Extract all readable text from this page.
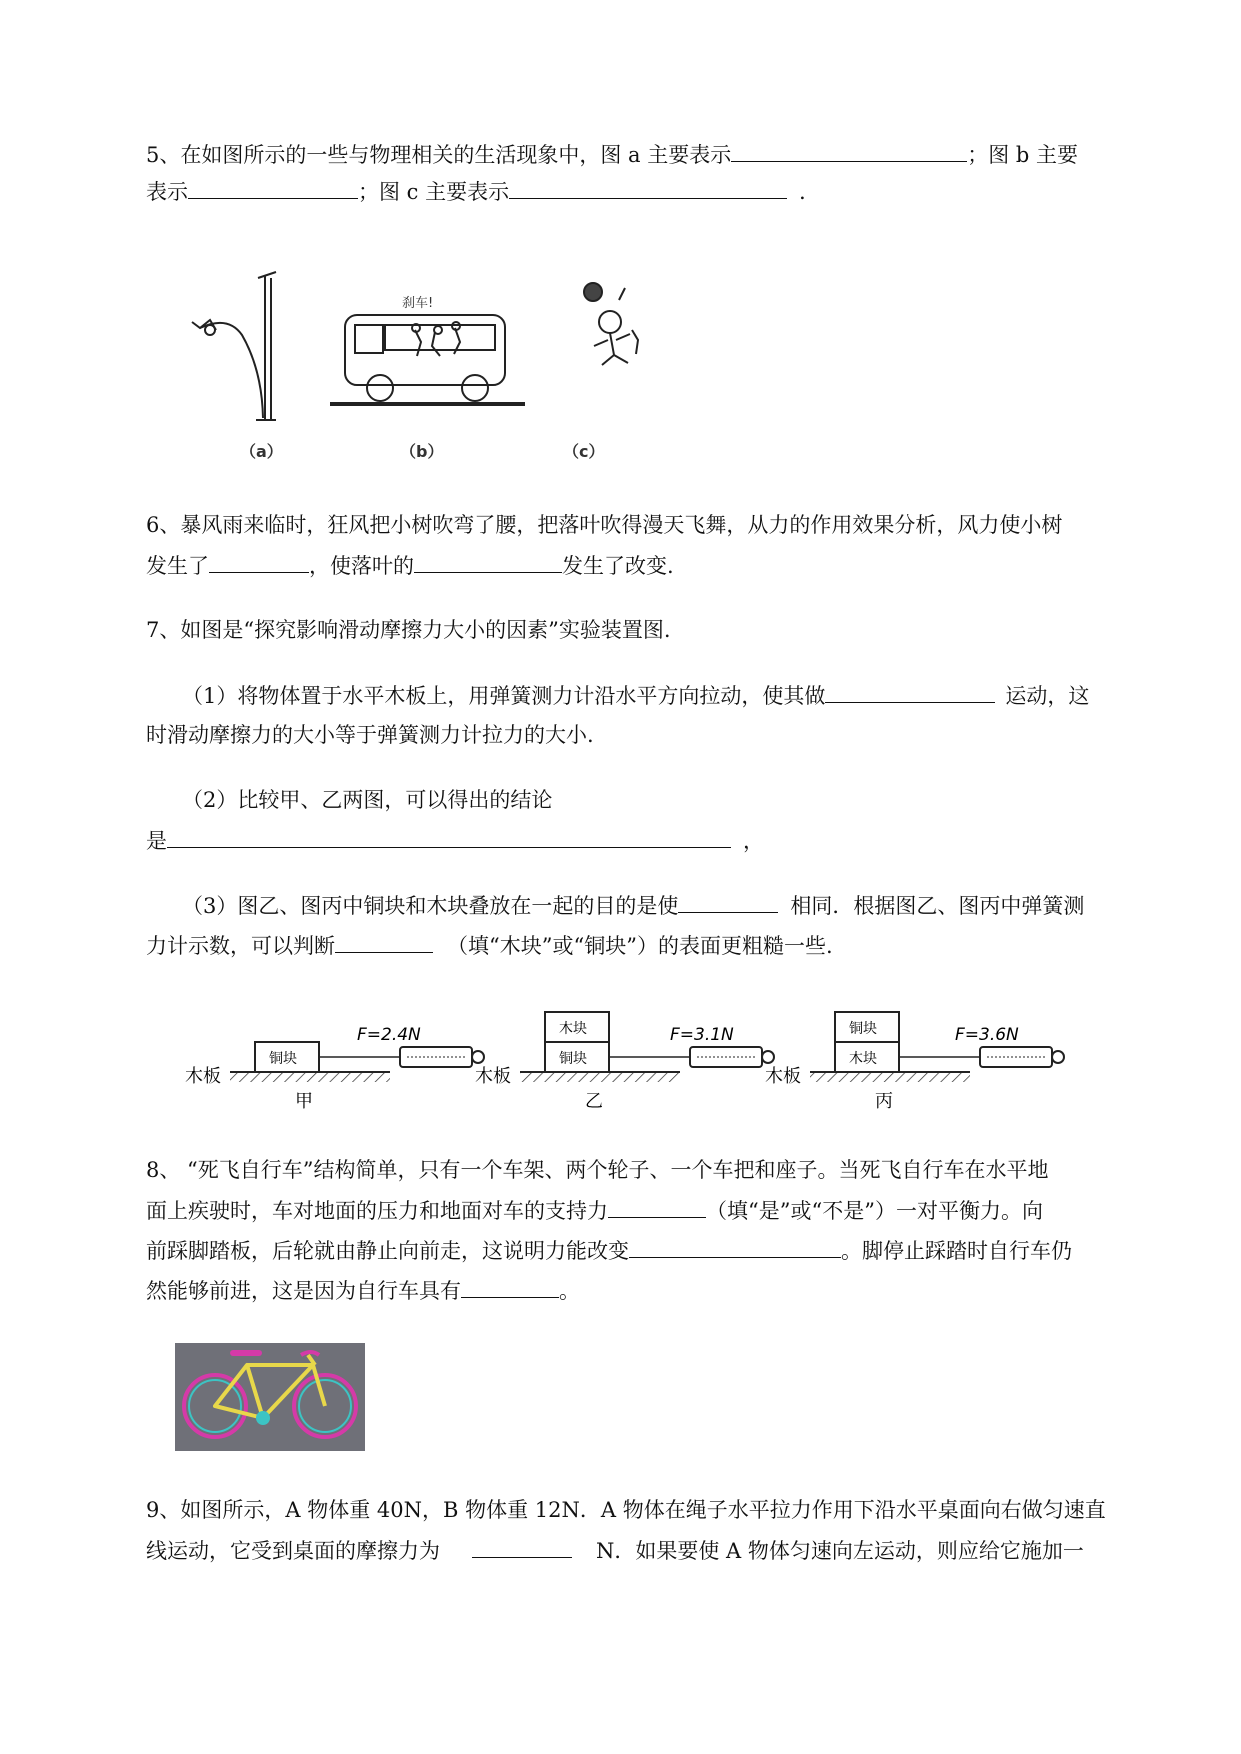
5、在如图所示的一些与物理相关的生活现象中，图 a 主要表示	；图 b 主要
表示	；图 c 主要表示	．
（a）
刹车!
（b）	（c）
6、暴风雨来临时，狂风把小树吹弯了腰，把落叶吹得漫天飞舞，从力的作用效果分析，风力使小树
发生了	，使落叶的	发生了改变.
7、如图是“探究影响滑动摩擦力大小的因素”实验装置图.
（1）将物体置于水平木板上，用弹簧测力计沿水平方向拉动，使其做	运动，这
时滑动摩擦力的大小等于弹簧测力计拉力的大小.
（2）比较甲、乙两图，可以得出的结论
是	，
（3）图乙、图丙中铜块和木块叠放在一起的目的是使	相同．根据图乙、图丙中弹簧测
力计示数，可以判断	（填“木块”或“铜块”）的表面更粗糙一些.
铜块
F=2.4N
木板
甲
铜块
木块	F=3.1N
木板
乙
木块
铜块	F=3.6N
木板
丙
8、 “死飞自行车”结构简单，只有一个车架、两个轮子、一个车把和座子。当死飞自行车在水平地
面上疾驶时，车对地面的压力和地面对车的支持力	（填“是”或“不是”）一对平衡力。向
前踩脚踏板，后轮就由静止向前走，这说明力能改变	。脚停止踩踏时自行车仍
然能够前进，这是因为自行车具有	。
9、如图所示，A 物体重 40N，B 物体重 12N．A 物体在绳子水平拉力作用下沿水平桌面向右做匀速直
线运动，它受到桌面的摩擦力为	N．如果要使 A 物体匀速向左运动，则应给它施加一
